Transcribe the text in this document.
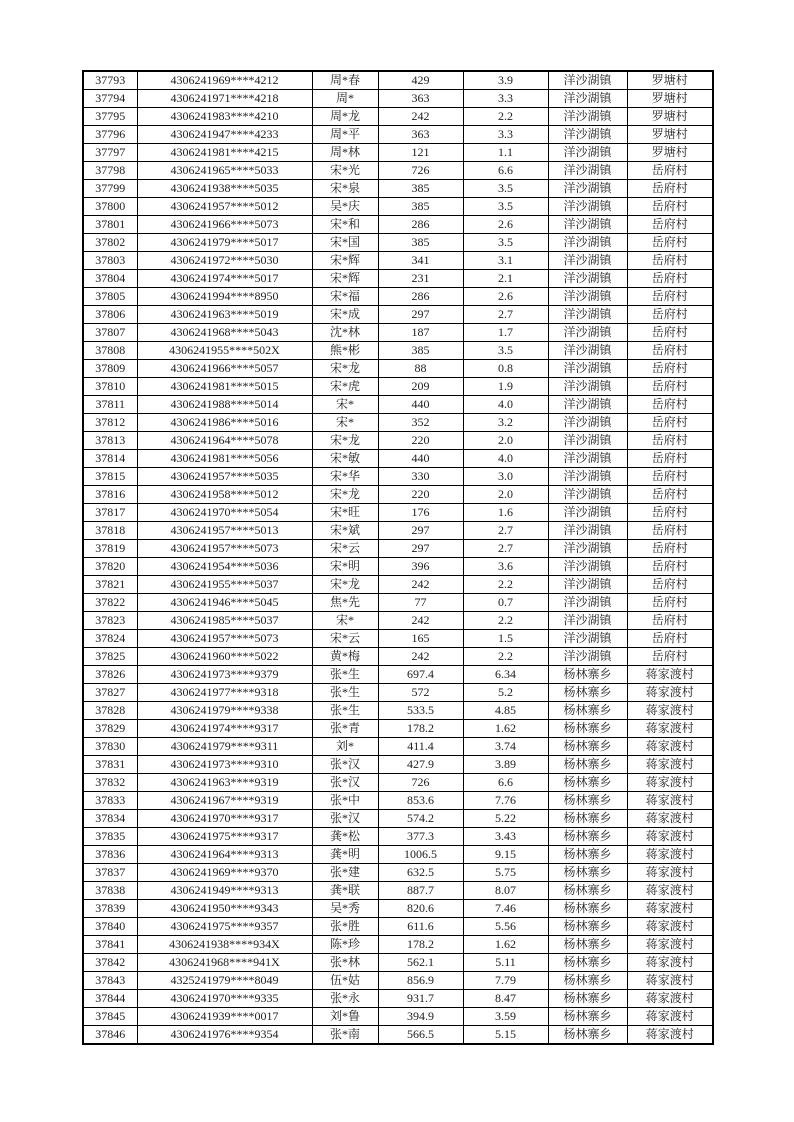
37793	4306241969****4212	周*春	429	3.9	洋沙湖镇	罗塘村
37794	4306241971****4218	周*	363	3.3	洋沙湖镇	罗塘村
37795	4306241983****4210	周*龙	242	2.2	洋沙湖镇	罗塘村
37796	4306241947****4233	周*平	363	3.3	洋沙湖镇	罗塘村
37797	4306241981****4215	周*林	121	1.1	洋沙湖镇	罗塘村
37798	4306241965****5033	宋*光	726	6.6	洋沙湖镇	岳府村
37799	4306241938****5035	宋*泉	385	3.5	洋沙湖镇	岳府村
37800	4306241957****5012	吴*庆	385	3.5	洋沙湖镇	岳府村
37801	4306241966****5073	宋*和	286	2.6	洋沙湖镇	岳府村
37802	4306241979****5017	宋*国	385	3.5	洋沙湖镇	岳府村
37803	4306241972****5030	宋*辉	341	3.1	洋沙湖镇	岳府村
37804	4306241974****5017	宋*辉	231	2.1	洋沙湖镇	岳府村
37805	4306241994****8950	宋*福	286	2.6	洋沙湖镇	岳府村
37806	4306241963****5019	宋*成	297	2.7	洋沙湖镇	岳府村
37807	4306241968****5043	沈*林	187	1.7	洋沙湖镇	岳府村
37808	4306241955****502X	熊*彬	385	3.5	洋沙湖镇	岳府村
37809	4306241966****5057	宋*龙	88	0.8	洋沙湖镇	岳府村
37810	4306241981****5015	宋*虎	209	1.9	洋沙湖镇	岳府村
37811	4306241988****5014	宋*	440	4.0	洋沙湖镇	岳府村
37812	4306241986****5016	宋*	352	3.2	洋沙湖镇	岳府村
37813	4306241964****5078	宋*龙	220	2.0	洋沙湖镇	岳府村
37814	4306241981****5056	宋*敏	440	4.0	洋沙湖镇	岳府村
37815	4306241957****5035	宋*华	330	3.0	洋沙湖镇	岳府村
37816	4306241958****5012	宋*龙	220	2.0	洋沙湖镇	岳府村
37817	4306241970****5054	宋*旺	176	1.6	洋沙湖镇	岳府村
37818	4306241957****5013	宋*斌	297	2.7	洋沙湖镇	岳府村
37819	4306241957****5073	宋*云	297	2.7	洋沙湖镇	岳府村
37820	4306241954****5036	宋*明	396	3.6	洋沙湖镇	岳府村
37821	4306241955****5037	宋*龙	242	2.2	洋沙湖镇	岳府村
37822	4306241946****5045	焦*先	77	0.7	洋沙湖镇	岳府村
37823	4306241985****5037	宋*	242	2.2	洋沙湖镇	岳府村
37824	4306241957****5073	宋*云	165	1.5	洋沙湖镇	岳府村
37825	4306241960****5022	黄*梅	242	2.2	洋沙湖镇	岳府村
37826	4306241973****9379	张*生	697.4	6.34	杨林寨乡	蒋家渡村
37827	4306241977****9318	张*生	572	5.2	杨林寨乡	蒋家渡村
37828	4306241979****9338	张*生	533.5	4.85	杨林寨乡	蒋家渡村
37829	4306241974****9317	张*青	178.2	1.62	杨林寨乡	蒋家渡村
37830	4306241979****9311	刘*	411.4	3.74	杨林寨乡	蒋家渡村
37831	4306241973****9310	张*汉	427.9	3.89	杨林寨乡	蒋家渡村
37832	4306241963****9319	张*汉	726	6.6	杨林寨乡	蒋家渡村
37833	4306241967****9319	张*中	853.6	7.76	杨林寨乡	蒋家渡村
37834	4306241970****9317	张*汉	574.2	5.22	杨林寨乡	蒋家渡村
37835	4306241975****9317	龚*松	377.3	3.43	杨林寨乡	蒋家渡村
37836	4306241964****9313	龚*明	1006.5	9.15	杨林寨乡	蒋家渡村
37837	4306241969****9370	张*建	632.5	5.75	杨林寨乡	蒋家渡村
37838	4306241949****9313	龚*联	887.7	8.07	杨林寨乡	蒋家渡村
37839	4306241950****9343	吴*秀	820.6	7.46	杨林寨乡	蒋家渡村
37840	4306241975****9357	张*胜	611.6	5.56	杨林寨乡	蒋家渡村
37841	4306241938****934X	陈*珍	178.2	1.62	杨林寨乡	蒋家渡村
37842	4306241968****941X	张*林	562.1	5.11	杨林寨乡	蒋家渡村
37843	4325241979****8049	伍*姑	856.9	7.79	杨林寨乡	蒋家渡村
37844	4306241970****9335	张*永	931.7	8.47	杨林寨乡	蒋家渡村
37845	4306241939****0017	刘*鲁	394.9	3.59	杨林寨乡	蒋家渡村
37846	4306241976****9354	张*南	566.5	5.15	杨林寨乡	蒋家渡村
